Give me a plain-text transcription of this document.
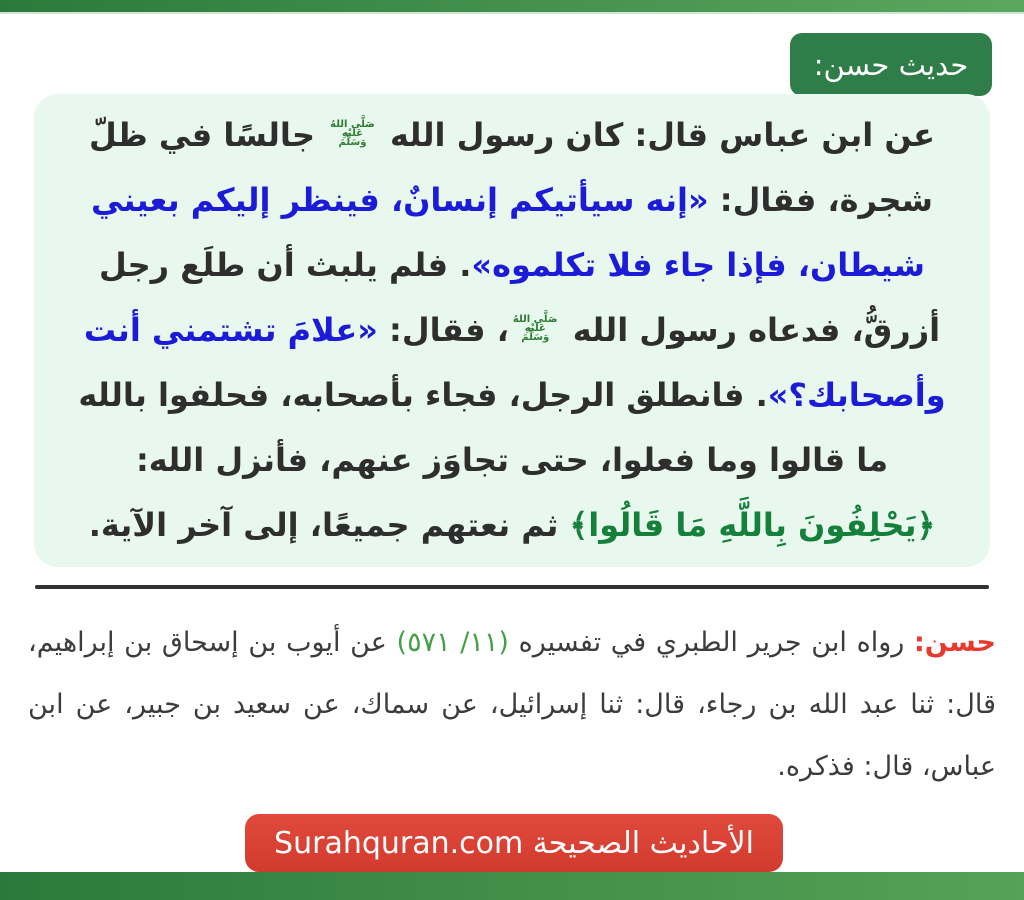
حديث حسن:
عن ابن عباس قال: كان رسول الله
صَلَّى اللهُ
عَلَيْهِ
وَسَلَّمَ
جالسًا في ظلّ
شجرة، فقال: «إنه سيأتيكم إنسانٌ، فينظر إليكم بعيني
شيطان، فإذا جاء فلا تكلموه». فلم يلبث أن طلَع رجل
أزرقُّ، فدعاه رسول الله
صَلَّى اللهُ
عَلَيْهِ
وَسَلَّمَ
، فقال: «علامَ تشتمني أنت
وأصحابك؟». فانطلق الرجل، فجاء بأصحابه، فحلفوا بالله
ما قالوا وما فعلوا، حتى تجاوَز عنهم، فأنزل الله:
﴿يَحْلِفُونَ بِاللَّهِ مَا قَالُوا﴾ ثم نعتهم جميعًا، إلى آخر الآية.
حسن: رواه ابن جرير الطبري في تفسيره (١١/ ٥٧١) عن أيوب بن إسحاق بن إبراهيم، قال: ثنا عبد الله بن رجاء، قال: ثنا إسرائيل، عن سماك، عن سعيد بن جبير، عن ابن عباس، قال: فذكره.
الأحاديث الصحيحة Surahquran.com
